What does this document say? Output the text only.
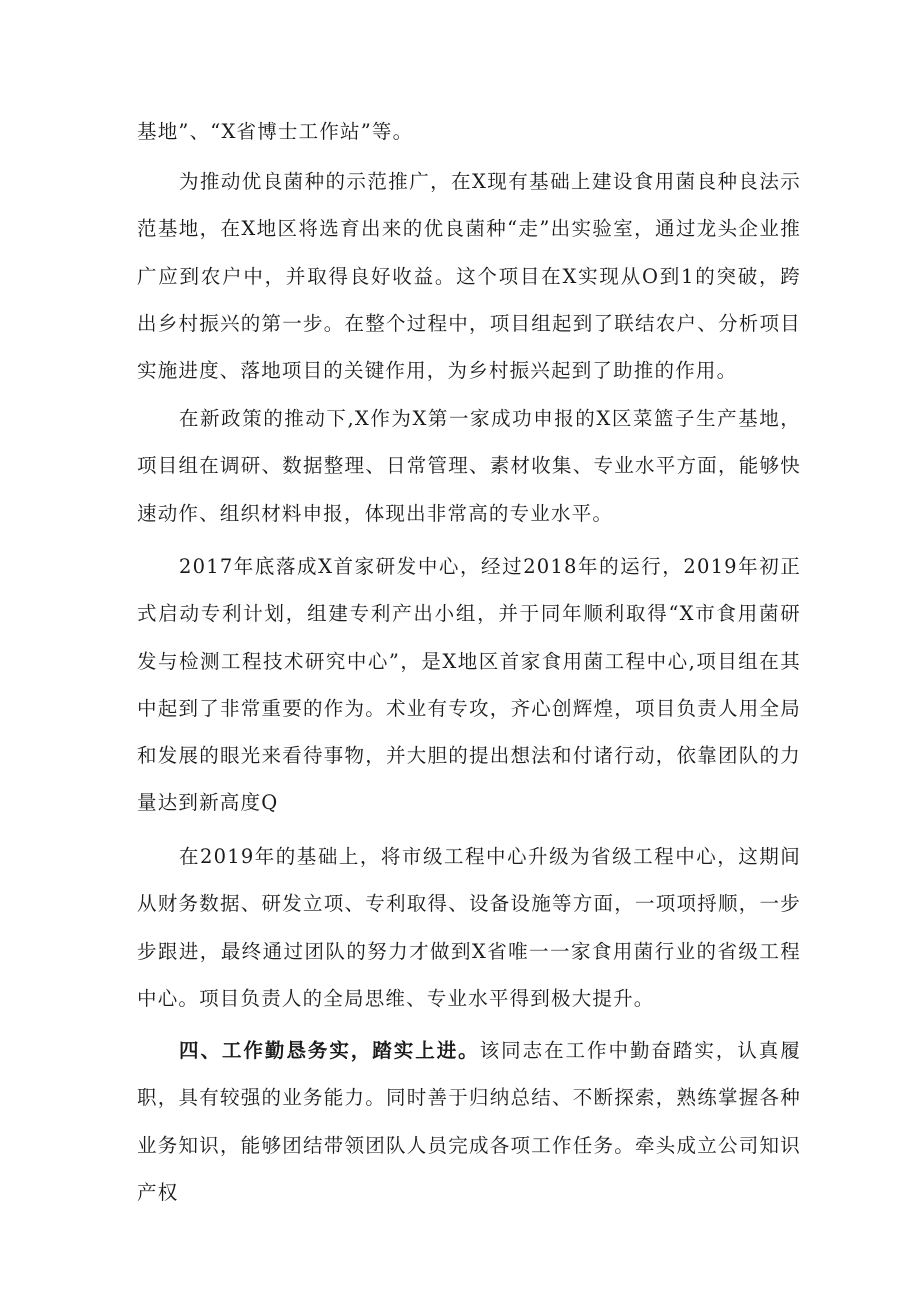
基地”、“X省博士工作站”等。

为推动优良菌种的示范推广，在X现有基础上建设食用菌良种良法示范基地，在X地区将选育出来的优良菌种“走”出实验室，通过龙头企业推广应到农户中，并取得良好收益。这个项目在X实现从O到1的突破，跨出乡村振兴的第一步。在整个过程中，项目组起到了联结农户、分析项目实施进度、落地项目的关键作用，为乡村振兴起到了助推的作用。

在新政策的推动下,X作为X第一家成功申报的X区菜篮子生产基地，项目组在调研、数据整理、日常管理、素材收集、专业水平方面，能够快速动作、组织材料申报，体现出非常高的专业水平。

2017年底落成X首家研发中心，经过2018年的运行，2019年初正式启动专利计划，组建专利产出小组，并于同年顺利取得“X市食用菌研发与检测工程技术研究中心”，是X地区首家食用菌工程中心,项目组在其中起到了非常重要的作为。术业有专攻，齐心创辉煌，项目负责人用全局和发展的眼光来看待事物，并大胆的提出想法和付诸行动，依靠团队的力量达到新高度Q

在2019年的基础上，将市级工程中心升级为省级工程中心，这期间从财务数据、研发立项、专利取得、设备设施等方面，一项项捋顺，一步步跟进，最终通过团队的努力才做到X省唯一一家食用菌行业的省级工程中心。项目负责人的全局思维、专业水平得到极大提升。

四、工作勤恳务实，踏实上进。该同志在工作中勤奋踏实，认真履职，具有较强的业务能力。同时善于归纳总结、不断探索，熟练掌握各种业务知识，能够团结带领团队人员完成各项工作任务。牵头成立公司知识产权
